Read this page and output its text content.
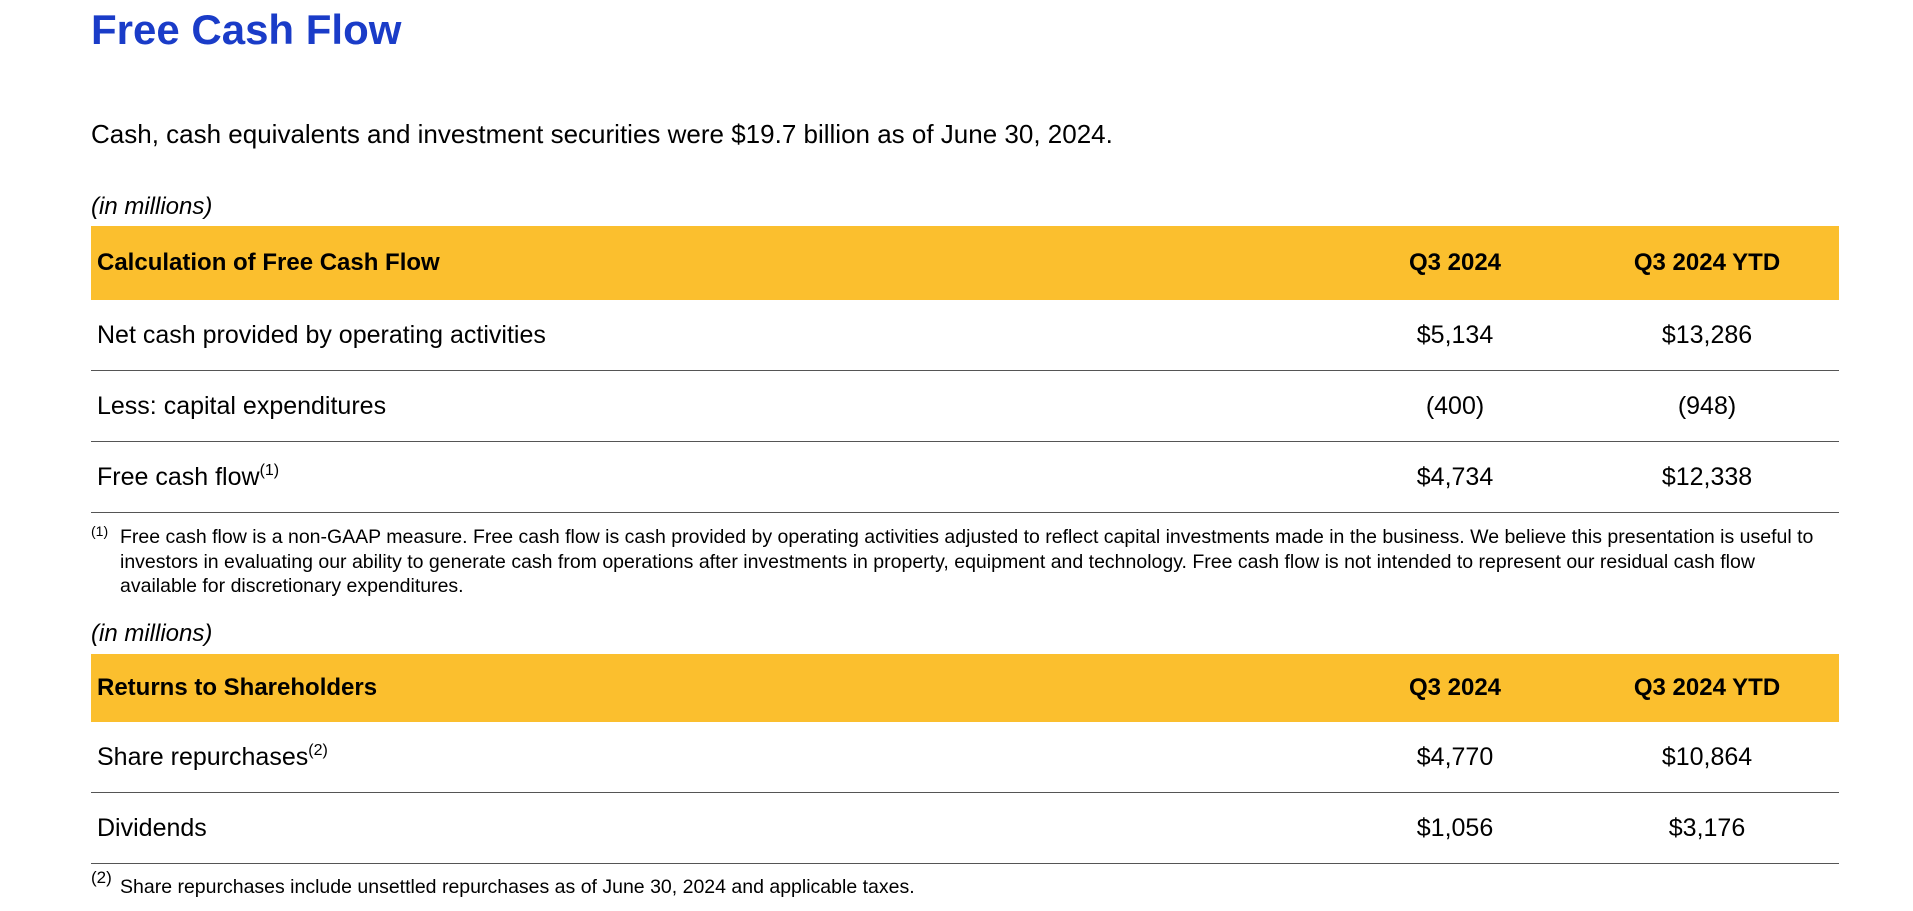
Free Cash Flow

Cash, cash equivalents and investment securities were $19.7 billion as of June 30, 2024.

(in millions)

Calculation of Free Cash Flow	Q3 2024	Q3 2024 YTD
Net cash provided by operating activities	$5,134	$13,286
Less: capital expenditures	(400)	(948)
Free cash flow$^{(1)}$	$4,734	$12,338
(1) Free cash flow is a non-GAAP measure. Free cash flow is cash provided by operating activities adjusted to reflect capital investments made in the business. We believe this presentation is useful to investors in evaluating our ability to generate cash from operations after investments in property, equipment and technology. Free cash flow is not intended to represent our residual cash flow available for discretionary expenditures.

(in millions)

Returns to Shareholders	Q3 2024	Q3 2024 YTD
Share repurchases$^{(2)}$	$4,770	$10,864
Dividends	$1,056	$3,176
(2) Share repurchases include unsettled repurchases as of June 30, 2024 and applicable taxes.
